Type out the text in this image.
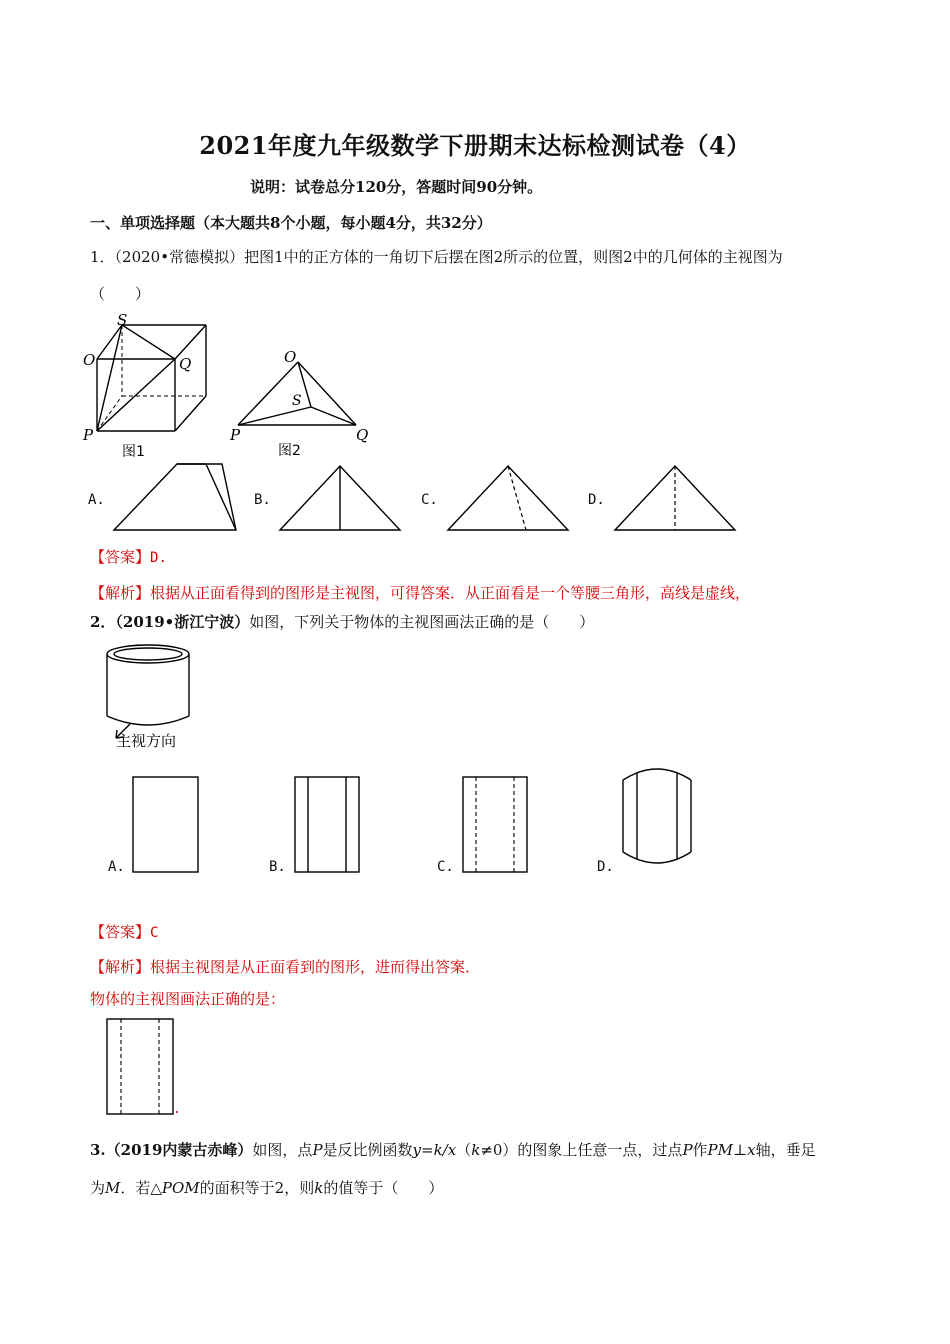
2021年度九年级数学下册期末达标检测试卷（4）
说明：试卷总分120分，答题时间90分钟。
一、单项选择题（本大题共8个小题，每小题4分，共32分）
1．（2020•常德模拟）把图1中的正方体的一角切下后摆在图2所示的位置，则图2中的几何体的主视图为
（　　）
S
O	Q
P
图1
O
S
P	Q
图2
A.	B.	C.	D.
【答案】D.
【解析】根据从正面看得到的图形是主视图，可得答案．从正面看是一个等腰三角形，高线是虚线，
2．（2019•浙江宁波）如图，下列关于物体的主视图画法正确的是（　　）
主视方向
A.	B.	C.	D.
【答案】C
【解析】根据主视图是从正面看到的图形，进而得出答案．
物体的主视图画法正确的是：
3.（2019内蒙古赤峰）如图，点P是反比例函数y=k/x（k≠0）的图象上任意一点，过点P作PM⊥x轴，垂足
为M．若△POM的面积等于2，则k的值等于（　　）
